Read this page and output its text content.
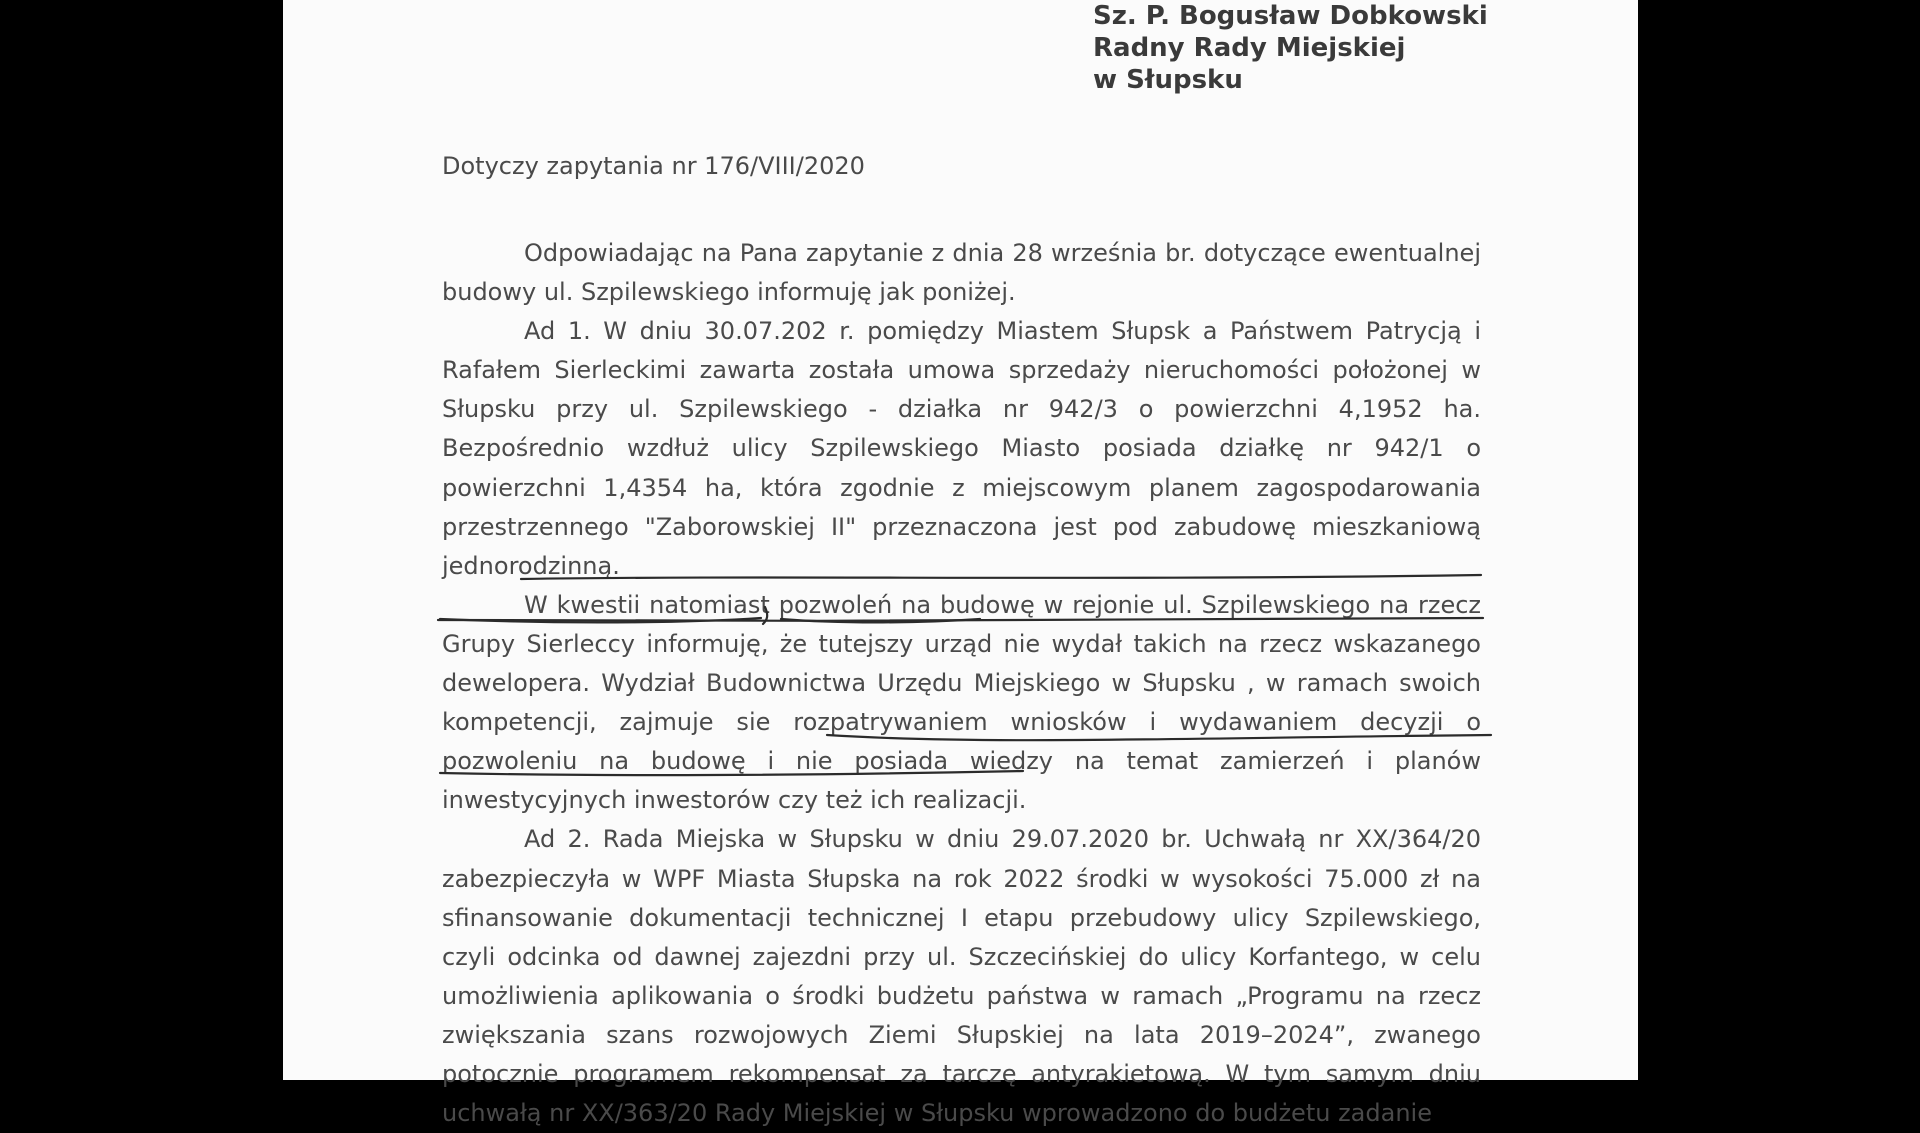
Sz. P. Bogusław Dobkowski
Radny Rady Miejskiej
w Słupsku
Dotyczy zapytania nr 176/VIII/2020

Odpowiadając na Pana zapytanie z dnia 28 września br. dotyczące ewentualnej budowy ul. Szpilewskiego informuję jak poniżej.

Ad 1. W dniu 30.07.202 r. pomiędzy Miastem Słupsk a Państwem Patrycją i Rafałem Sierleckimi zawarta została umowa sprzedaży nieruchomości położonej w Słupsku przy ul. Szpilewskiego - działka nr 942/3 o powierzchni 4,1952 ha. Bezpośrednio wzdłuż ulicy Szpilewskiego Miasto posiada działkę nr 942/1 o powierzchni 1,4354 ha, która zgodnie z miejscowym planem zagospodarowania przestrzennego "Zaborowskiej II" przeznaczona jest pod zabudowę mieszkaniową jednorodzinną.

W kwestii natomiast pozwoleń na budowę w rejonie ul. Szpilewskiego na rzecz Grupy Sierleccy informuję, że tutejszy urząd nie wydał takich na rzecz wskazanego dewelopera. Wydział Budownictwa Urzędu Miejskiego w Słupsku , w ramach swoich kompetencji, zajmuje sie rozpatrywaniem wniosków i wydawaniem decyzji o pozwoleniu na budowę i nie posiada wiedzy na temat zamierzeń i planów inwestycyjnych inwestorów czy też ich realizacji.

Ad 2. Rada Miejska w Słupsku w dniu 29.07.2020 br. Uchwałą nr XX/364/20 zabezpieczyła w WPF Miasta Słupska na rok 2022 środki w wysokości 75.000 zł na sfinansowanie dokumentacji technicznej I etapu przebudowy ulicy Szpilewskiego, czyli odcinka od dawnej zajezdni przy ul. Szczecińskiej do ulicy Korfantego, w celu umożliwienia aplikowania o środki budżetu państwa w ramach „Programu na rzecz zwiększania szans rozwojowych Ziemi Słupskiej na lata 2019–2024”, zwanego potocznie programem rekompensat za tarczę antyrakietową. W tym samym dniu uchwałą nr XX/363/20 Rady Miejskiej w Słupsku wprowadzono do budżetu zadanie
